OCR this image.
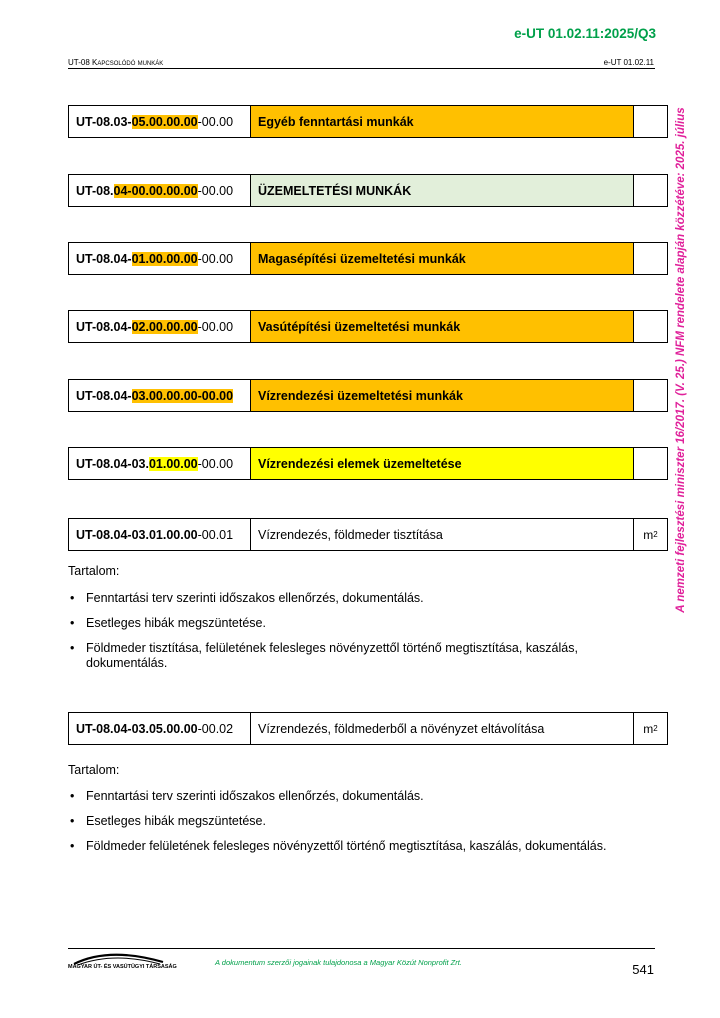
e-UT 01.02.11:2025/Q3
UT-08 Kapcsolódó munkák	e-UT 01.02.11
A nemzeti fejlesztési miniszter 16/2017. (V. 25.) NFM rendelete alapján közzétéve: 2025. július
UT-08.03- 05.00.00.00 -00.00	Egyéb fenntartási munkák
UT-08. 04-00.00.00.00 -00.00	ÜZEMELTETÉSI MUNKÁK
UT-08.04- 01.00.00.00 -00.00	Magasépítési üzemeltetési munkák
UT-08.04- 02.00.00.00 -00.00	Vasútépítési üzemeltetési munkák
UT-08.04- 03.00.00.00-00.00	Vízrendezési üzemeltetési munkák
UT-08.04-03. 01.00.00 -00.00	Vízrendezési elemek üzemeltetése
UT-08.04-03.01.00.00 -00.01	Vízrendezés, földmeder tisztítása	m 2
Tartalom:
• Fenntartási terv szerinti időszakos ellenőrzés, dokumentálás.
• Esetleges hibák megszüntetése.
• Földmeder tisztítása, felületének felesleges növényzettől történő megtisztítása, kaszálás, dokumentálás.
UT-08.04-03.05.00.00 -00.02	Vízrendezés, földmederből a növényzet eltávolítása	m 2
Tartalom:
• Fenntartási terv szerinti időszakos ellenőrzés, dokumentálás.
• Esetleges hibák megszüntetése.
• Földmeder felületének felesleges növényzettől történő megtisztítása, kaszálás, dokumentálás.
MAGYAR ÚT- ÉS VASÚTÜGYI TÁRSASÁG	A dokumentum szerzői jogainak tulajdonosa a Magyar Közút Nonprofit Zrt.	541
